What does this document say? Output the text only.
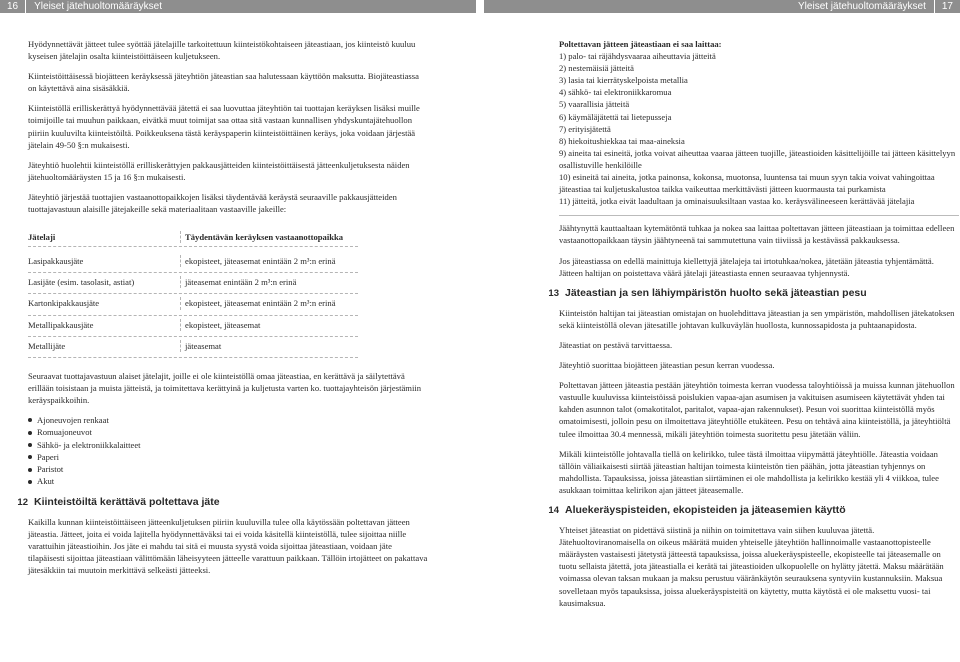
16	Yleiset jätehuoltomääräykset	Yleiset jätehuoltomääräykset	17

Hyödynnettävät jätteet tulee syöttää jätelajille tarkoitettuun kiinteistökohtaiseen jäteastiaan, jos kiinteistö kuuluu kyseisen jätelajin osalta kiinteistöittäiseen kuljetukseen.

Kiinteistöittäisessä biojätteen keräyksessä jäteyhtiön jäteastian saa halutessaan käyttöön maksutta. Biojäteastiassa on käytettävä aina sisäsäkkiä.

Kiinteistöllä erilliskerättyä hyödynnettävää jätettä ei saa luovuttaa jäteyhtiön tai tuottajan keräyksen lisäksi muille toimijoille tai muuhun paikkaan, eivätkä muut toimijat saa ottaa sitä vastaan kunnallisen yhdyskuntajätehuollon piiriin kuuluvilta kiinteistöiltä. Poikkeuksena tästä keräyspaperin kiinteistöittäinen keräys, joka voidaan järjestää jätelain 49-50 §:n mukaisesti.

Jäteyhtiö huolehtii kiinteistöllä erilliskerättyjen pakkausjätteiden kiinteistöittäisestä jätteenkuljetuksesta näiden jätehuoltomääräysten 15 ja 16 §:n mukaisesti.

Jäteyhtiö järjestää tuottajien vastaanottopaikkojen lisäksi täydentävää keräystä seuraaville pakkausjätteiden tuottajavastuun alaisille jätejakeille sekä materiaalitaan vastaaville jakeille:

Jätelaji	Täydentävän keräyksen vastaanottopaikka
Lasipakkausjäte	ekopisteet, jäteasemat enintään 2 m³:n erinä
Lasijäte (esim. tasolasit, astiat)	jäteasemat enintään 2 m³:n erinä
Kartonkipakkausjäte	ekopisteet, jäteasemat enintään 2 m³:n erinä
Metallipakkausjäte	ekopisteet, jäteasemat
Metallijäte	jäteasemat

Seuraavat tuottajavastuun alaiset jätelajit, joille ei ole kiinteistöllä omaa jäteastiaa, en kerättävä ja säilytettävä erillään toisistaan ja muista jätteistä, ja toimitettava kerättyinä ja kuljetusta varten ko. tuottajayhteisön järjestämiin keräyspaikkoihin.

Ajoneuvojen renkaat
Romuajoneuvot
Sähkö- ja elektroniikkalaitteet
Paperi
Paristot
Akut
12 Kiinteistöiltä kerättävä poltettava jäte

Kaikilla kunnan kiinteistöittäiseen jätteenkuljetuksen piiriin kuuluvilla tulee olla käytössään poltettavan jätteen jäteastia. Jätteet, joita ei voida lajitella hyödynnettäväksi tai ei voida käsitellä kiinteistöllä, tulee sijoittaa niille varattuihin jäteastioihin. Jos jäte ei mahdu tai sitä ei muusta syystä voida sijoittaa jäteastiaan, voidaan jäte tilapäisesti sijoittaa jäteastiaan välittömään läheisyyteen jätteelle varattuun paikkaan. Tällöin irtojätteet on pakattava jätesäkkiin tai muutoin merkittävä selkeästi jätteeksi.

Poltettavan jätteen jäteastiaan ei saa laittaa:
1) palo- tai räjähdysvaaraa aiheuttavia jätteitä
2) nestemäisiä jätteitä
3) lasia tai kierrätyskelpoista metallia
4) sähkö- tai elektroniikkaromua
5) vaarallisia jätteitä
6) käymäläjätettä tai lietepusseja
7) erityisjätettä
8) hiekoitushiekkaa tai maa-aineksia
9) aineita tai esineitä, jotka voivat aiheuttaa vaaraa jätteen tuojille, jäteastioiden käsittelijöille tai jätteen käsittelyyn osallistuville henkilöille
10) esineitä tai aineita, jotka painonsa, kokonsa, muotonsa, luuntensa tai muun syyn takia voivat vahingoittaa jäteastiaa tai kuljetuskalustoa taikka vaikeuttaa merkittävästi jätteen kuormausta tai purkamista
11) jätteitä, jotka eivät laadultaan ja ominaisuuksiltaan vastaa ko. keräysvälineeseen kerättävää jätelajia

Jäähtynyttä kauttaaltaan kytemätöntä tuhkaa ja nokea saa laittaa poltettavan jätteen jäteastiaan ja toimittaa edelleen vastaanottopaikkaan täysin jäähtyneenä tai sammutettuna vain tiiviissä ja kestävässä pakkauksessa.

Jos jäteastiassa on edellä mainittuja kiellettyjä jätelajeja tai irtotuhkaa/nokea, jätetään jäteastia tyhjentämättä. Jätteen haltijan on poistettava väärä jätelaji jäteastiasta ennen seuraavaa tyhjennystä.

13 Jäteastian ja sen lähiympäristön huolto sekä jäteastian pesu

Kiinteistön haltijan tai jäteastian omistajan on huolehdittava jäteastian ja sen ympäristön, mahdollisen jätekatoksen sekä kiinteistöllä olevan jätesatille johtavan kulkuväylän huollosta, kunnossapidosta ja puhtaanapidosta.

Jäteastiat on pestävä tarvittaessa.

Jäteyhtiö suorittaa biojätteen jäteastian pesun kerran vuodessa.

Poltettavan jätteen jäteastia pestään jäteyhtiön toimesta kerran vuodessa taloyhtiöissä ja muissa kunnan jätehuollon vastuulle kuuluvissa kiinteistöissä poislukien vapaa-ajan asumisen ja vakituisen asumiseen käytettävät yhden tai kahden asunnon talot (omakotitalot, paritalot, vapaa-ajan rakennukset). Pesun voi suorittaa kiinteistöllä myös omatoimisesti, jolloin pesu on ilmoitettava jäteyhtiölle etukäteen. Pesu on tehtävä aina kiinteistöllä, ja jäteyhtiöltä tulee ilmoittaa 30.4 mennessä, mikäli jäteyhtiön toimesta suoritettu pesu jätetään väliin.

Mikäli kiinteistölle johtavalla tiellä on kelirikko, tulee tästä ilmoittaa viipymättä jäteyhtiölle. Jäteastia voidaan tällöin väliaikaisesti siirtää jäteastian haltijan toimesta kiinteistön tien päähän, jotta jäteastian tyhjennys on mahdollista. Tapauksissa, joissa jäteastian siirtäminen ei ole mahdollista ja kelirikko kestää yli 4 viikkoa, tulee asukkaan toimittaa kelirikon ajan jätteet jäteasemalle.

14 Aluekeräyspisteiden, ekopisteiden ja jäteasemien käyttö

Yhteiset jäteastiat on pidettävä siistinä ja niihin on toimitettava vain siihen kuuluvaa jätettä. Jätehuoltoviranomaisella on oikeus määrätä muiden yhteiselle jäteyhtiön hallinnoimalle vastaanottopisteelle määräysten vastaisesti jätetystä jätteestä tapauksissa, joissa aluekeräyspisteelle, ekopisteelle tai jäteasemalle on tuotu sellaista jätettä, jota jäteastialla ei kerätä tai jäteastioiden ulkopuolelle on hylätty jätettä. Maksu määrätään voimassa olevan taksan mukaan ja maksu perustuu vääränkäytön seurauksena syntyviin kustannuksiin. Maksua sovelletaan myös tapauksissa, joissa aluekeräyspisteitä on käytetty, mutta käytöstä ei ole maksettu vuosi- tai kausimaksua.
